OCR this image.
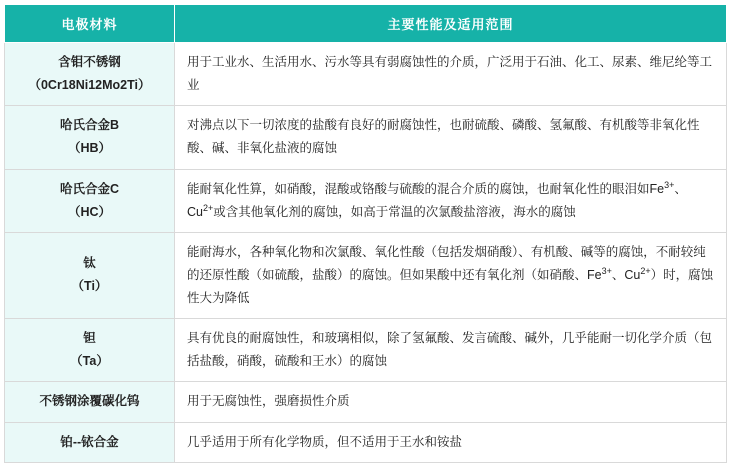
电极材料	主要性能及适用范围

含钼不锈钢
（0Cr18Ni12Mo2Ti）	用于工业水、生活用水、污水等具有弱腐蚀性的介质，广泛用于石油、化工、尿素、维尼纶等工业

哈氏合金B
（HB）	对沸点以下一切浓度的盐酸有良好的耐腐蚀性，也耐硫酸、磷酸、氢氟酸、有机酸等非氧化性酸、碱、非氧化盐液的腐蚀

哈氏合金C
（HC）	能耐氧化性算，如硝酸，混酸或铬酸与硫酸的混合介质的腐蚀，也耐氧化性的眼泪如$Fe^{3+}$、$Cu^{2+}$或含其他氧化剂的腐蚀，如高于常温的次氯酸盐溶液，海水的腐蚀

钛
（Ti）	能耐海水，各种氧化物和次氯酸、氧化性酸（包括发烟硝酸）、有机酸、碱等的腐蚀，不耐较纯的还原性酸（如硫酸，盐酸）的腐蚀。但如果酸中还有氧化剂（如硝酸、$Fe^{3+}$、$Cu^{2+}$）时，腐蚀性大为降低

钽
（Ta）	具有优良的耐腐蚀性，和玻璃相似，除了氢氟酸、发言硫酸、碱外，几乎能耐一切化学介质（包括盐酸，硝酸，硫酸和王水）的腐蚀

不锈钢涂覆碳化钨	用于无腐蚀性，强磨损性介质

铂--铱合金	几乎适用于所有化学物质，但不适用于王水和铵盐
